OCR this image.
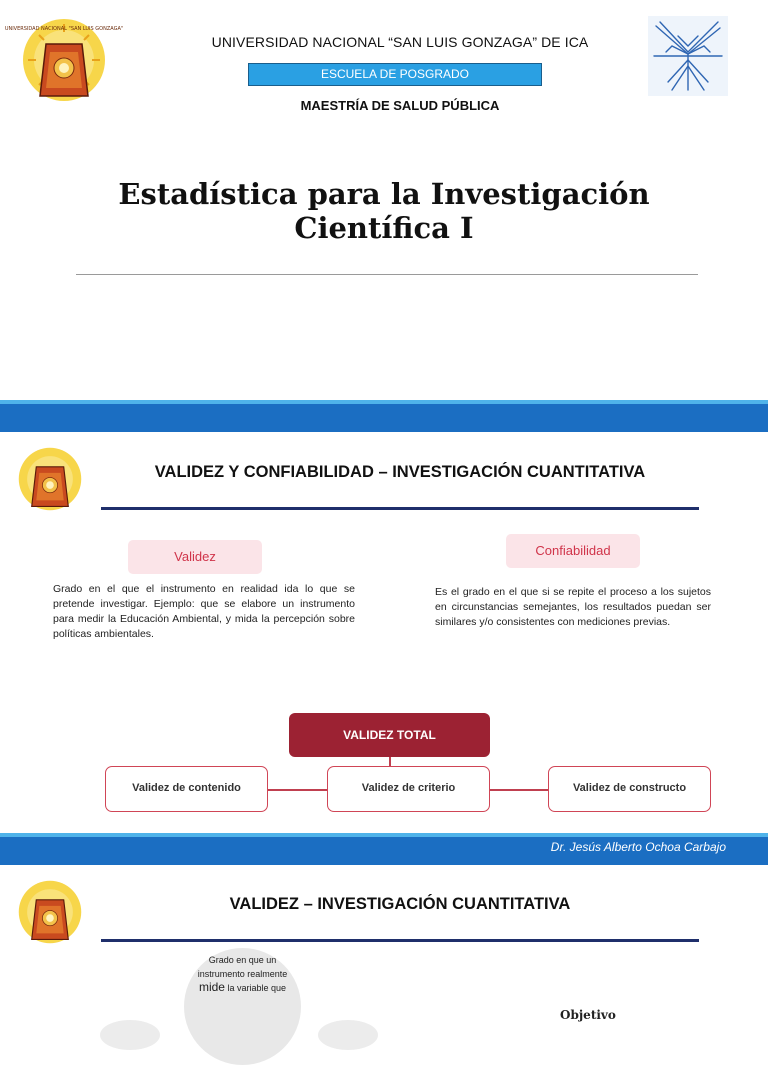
UNIVERSIDAD NACIONAL "SAN LUIS GONZAGA"
UNIVERSIDAD NACIONAL “SAN LUIS GONZAGA” DE ICA
ESCUELA DE POSGRADO
MAESTRÍA DE SALUD PÚBLICA
Estadística para la Investigación
Científica I
VALIDEZ Y CONFIABILIDAD – INVESTIGACIÓN CUANTITATIVA
Validez	Confiabilidad
Grado en el que el instrumento en realidad ida lo que se pretende investigar. Ejemplo: que se elabore un instrumento para medir la Educación Ambiental, y mida la percepción sobre políticas ambientales.
Es el grado en el que si se repite el proceso a los sujetos en circunstancias semejantes, los resultados puedan ser similares y/o consistentes con mediciones previas.
VALIDEZ TOTAL
Validez de contenido	Validez de criterio	Validez de constructo
Dr. Jesús Alberto Ochoa Carbajo
VALIDEZ – INVESTIGACIÓN CUANTITATIVA
Grado en que un instrumento realmente mide la variable que
Objetivo
